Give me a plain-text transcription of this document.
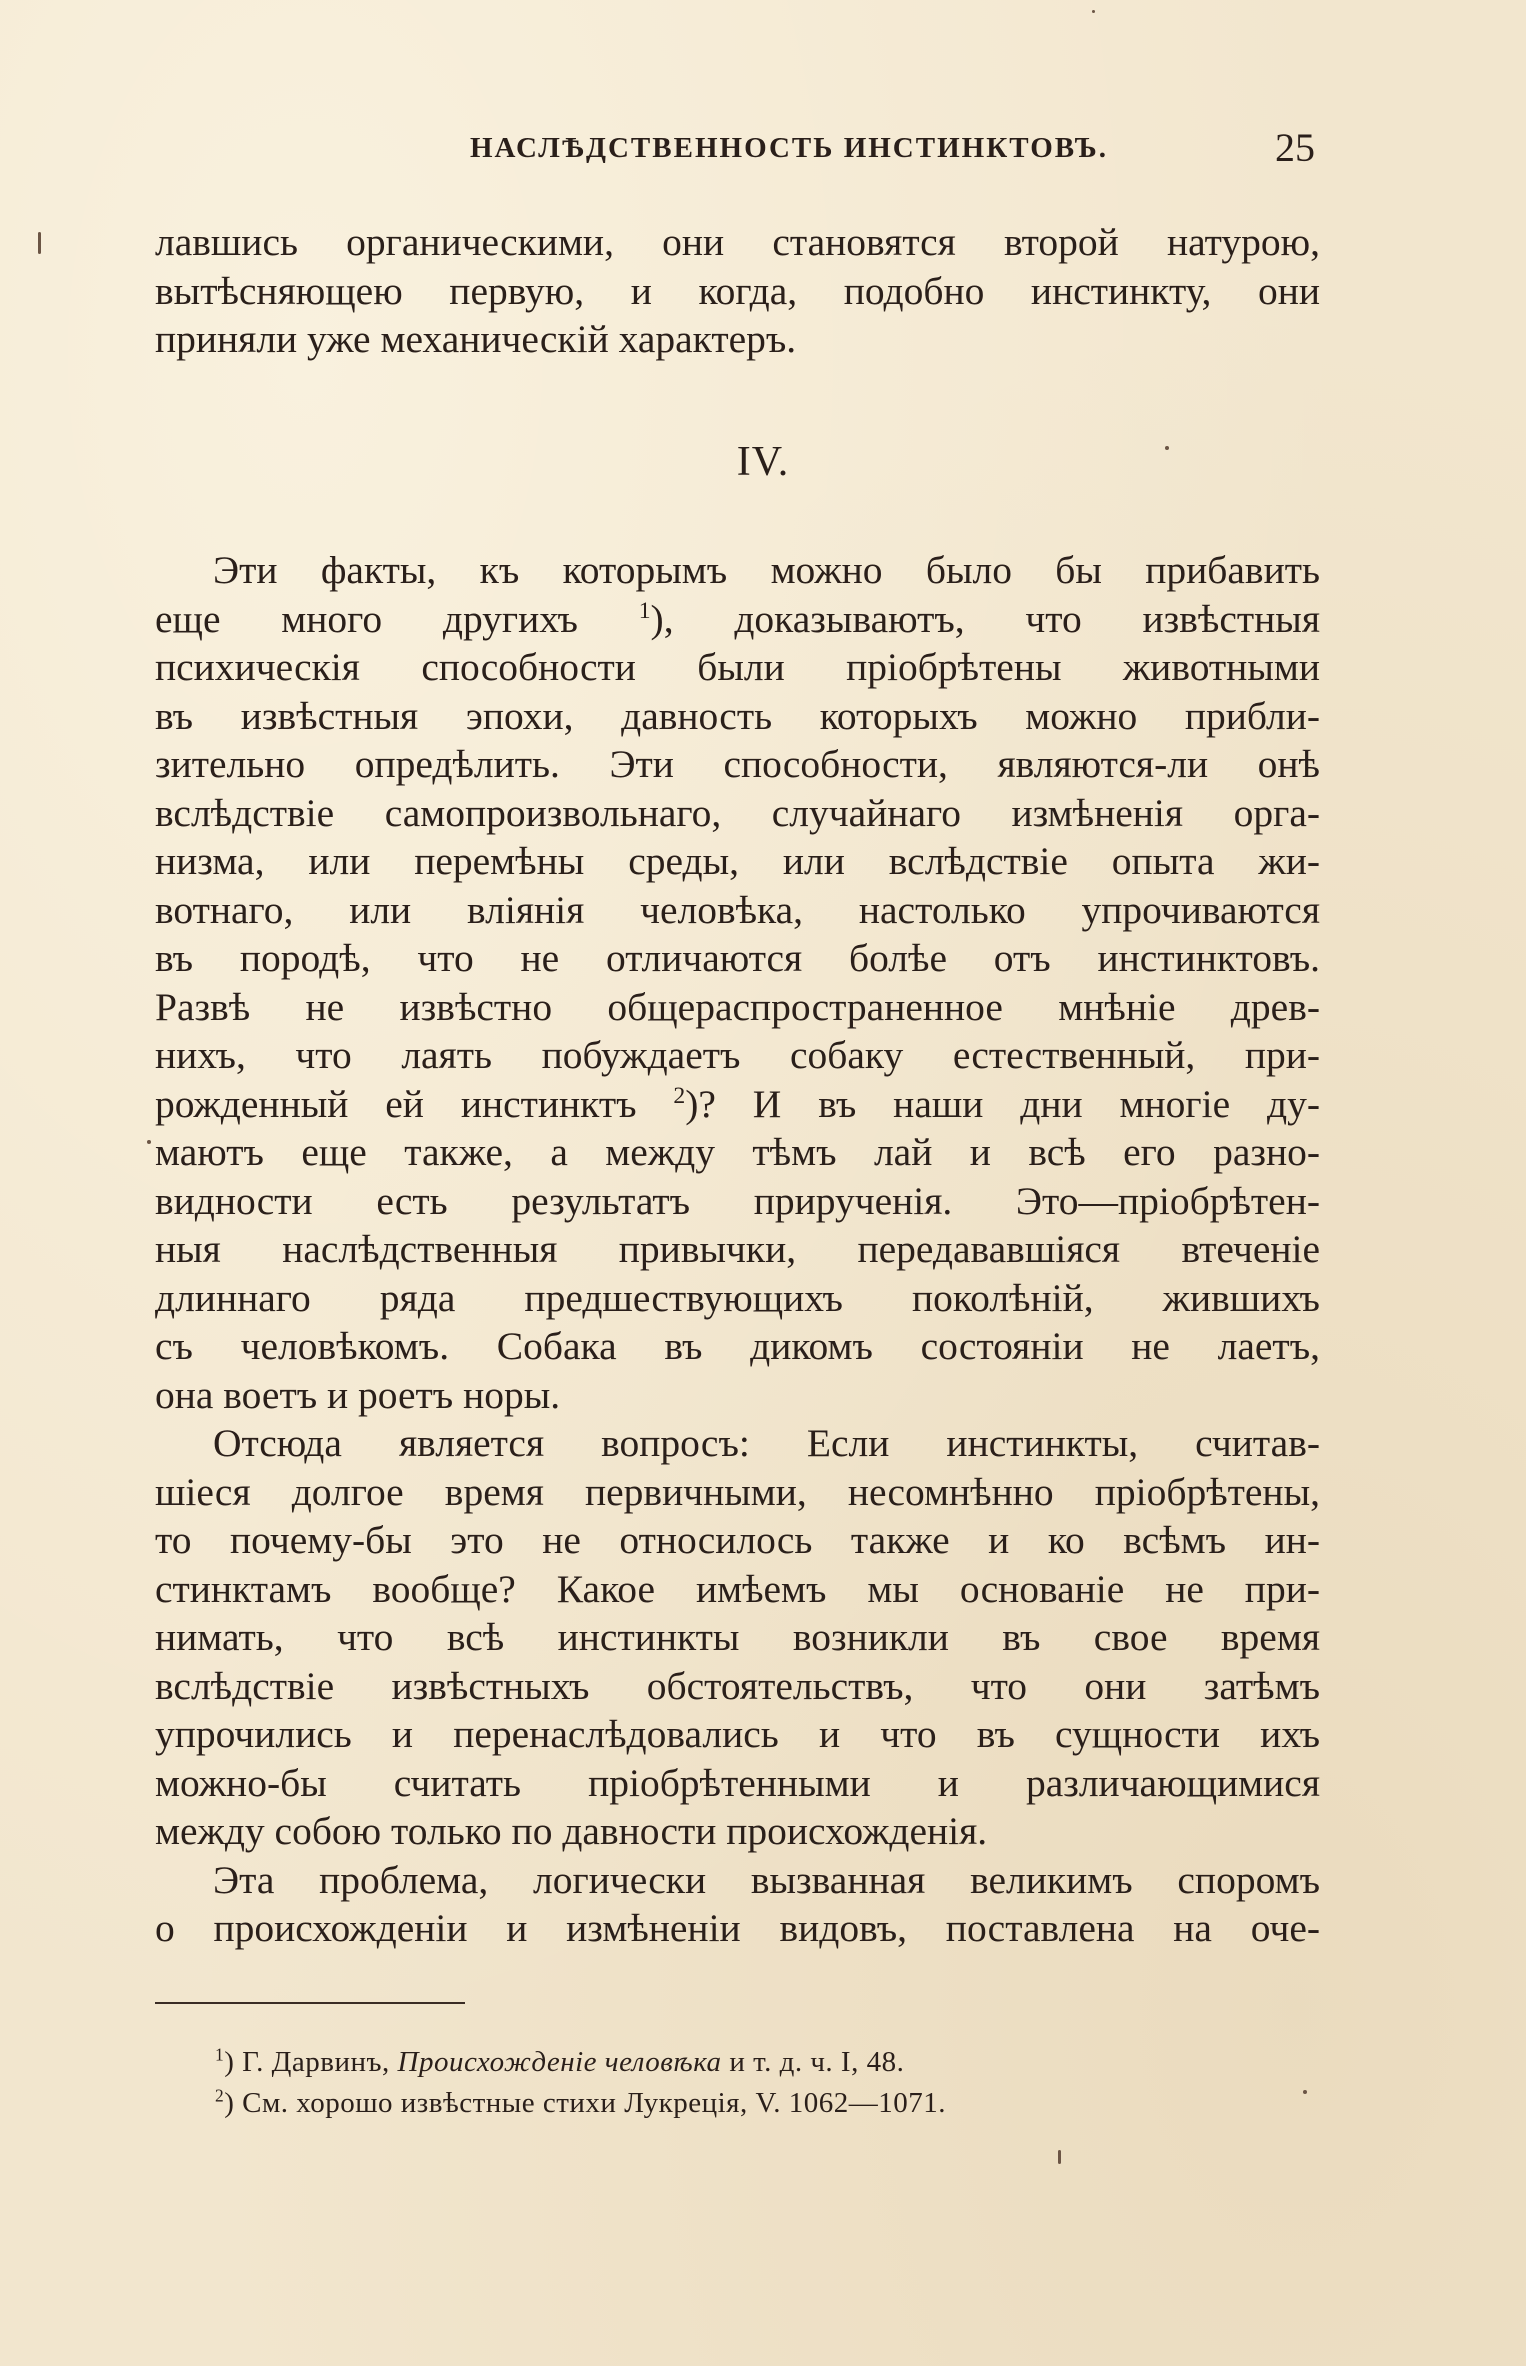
НАСЛѢДСТВЕННОСТЬ ИНСТИНКТОВЪ.	25
лавшись органическими, они становятся второй натурою,
вытѣсняющею первую, и когда, подобно инстинкту, они
приняли уже механическій характеръ.
IV.
Эти факты, къ которымъ можно было бы прибавить
еще много другихъ	$^1$), доказываютъ, что извѣстныя
психическія способности были пріобрѣтены животными
въ извѣстныя эпохи, давность которыхъ можно прибли-
зительно опредѣлить. Эти способности, являются-ли онѣ
вслѣдствіе самопроизвольнаго, случайнаго измѣненія орга-
низма, или перемѣны среды, или вслѣдствіе опыта жи-
вотнаго, или вліянія человѣка, настолько упрочиваются
въ породѣ, что не отличаются болѣе отъ инстинктовъ.
Развѣ не извѣстно общераспространенное мнѣніе древ-
нихъ, что лаять побуждаетъ собаку естественный, при-
рожденный ей инстинктъ $^2$)? И въ наши дни многіе ду-
маютъ еще также, а между тѣмъ лай и всѣ его разно-
видности есть результатъ прирученія. Это—пріобрѣтен-
ныя наслѣдственныя привычки, передававшіяся втеченіе
длиннаго ряда предшествующихъ поколѣній, жившихъ
съ человѣкомъ. Собака въ дикомъ состояніи не лаетъ,
она воетъ и роетъ норы.
Отсюда является вопросъ: Если инстинкты, считав-
шіеся долгое время первичными, несомнѣнно пріобрѣтены,
то почему-бы это не относилось также и ко всѣмъ ин-
стинктамъ вообще? Какое имѣемъ мы основаніе не при-
нимать, что всѣ инстинкты возникли въ свое время
вслѣдствіе извѣстныхъ обстоятельствъ, что они затѣмъ
упрочились и перенаслѣдовались и что въ сущности ихъ
можно-бы считать пріобрѣтенными и различающимися
между собою только по давности происхожденія.
Эта проблема, логически вызванная великимъ споромъ
о происхожденіи и измѣненіи видовъ, поставлена на оче-
$^1$) Г. Дарвинъ, Происхожденіе человѣка и т. д. ч. I, 48.
$^2$) См. хорошо извѣстные стихи Лукреція, V. 1062—1071.
